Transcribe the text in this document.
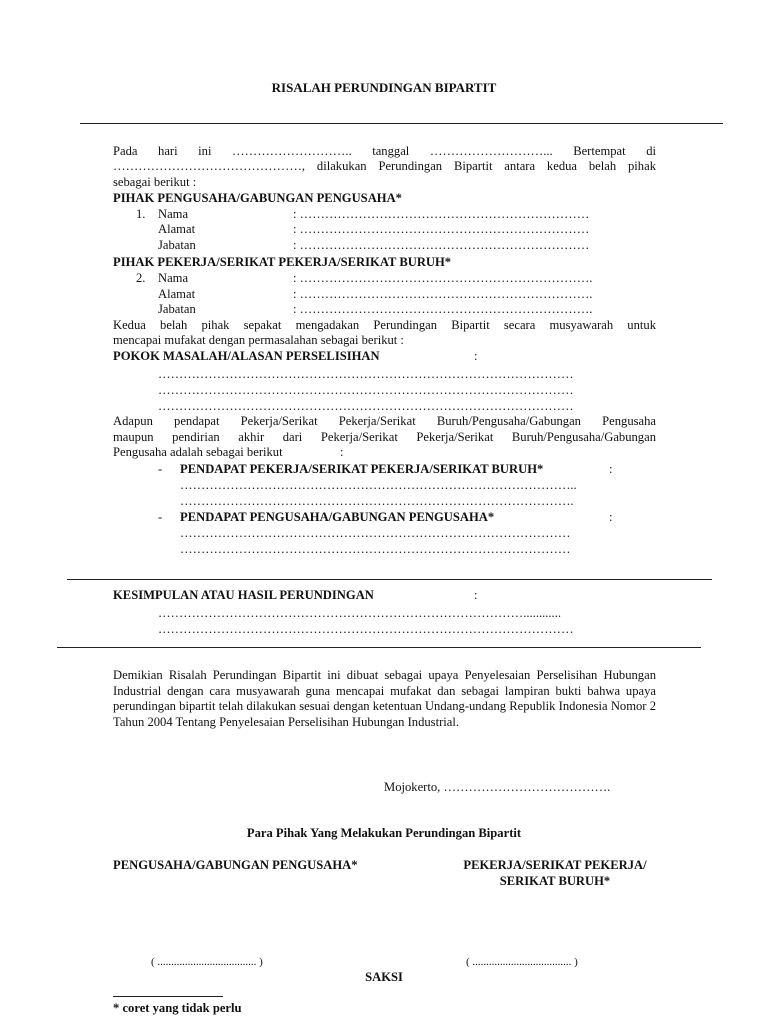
RISALAH PERUNDINGAN BIPARTIT
Pada hari ini ……………………….. tanggal ………………………... Bertempat di
………………………………………, dilakukan Perundingan Bipartit antara kedua belah pihak
sebagai berikut :
PIHAK PENGUSAHA/GABUNGAN PENGUSAHA*
1. Nama	: ……………………………………………………………
Alamat	: ……………………………………………………………
Jabatan	: ……………………………………………………………
PIHAK PEKERJA/SERIKAT PEKERJA/SERIKAT BURUH*
2. Nama	: …………………………………………………………….
Alamat	: …………………………………………………………….
Jabatan	: …………………………………………………………….
Kedua belah pihak sepakat mengadakan Perundingan Bipartit secara musyawarah untuk
mencapai mufakat dengan permasalahan sebagai berikut :
POKOK MASALAH/ALASAN PERSELISIHAN	:
………………………………………………………………………………………
………………………………………………………………………………………
………………………………………………………………………………………
Adapun pendapat Pekerja/Serikat Pekerja/Serikat Buruh/Pengusaha/Gabungan Pengusaha
maupun pendirian akhir dari Pekerja/Serikat Pekerja/Serikat Buruh/Pengusaha/Gabungan
Pengusaha adalah sebagai berikut	:
- PENDAPAT PEKERJA/SERIKAT PEKERJA/SERIKAT BURUH*	:
…………………………………………………………………………………..
………………………………………………………………………………….
- PENDAPAT PENGUSAHA/GABUNGAN PENGUSAHA*	:
…………………………………………………………………………………
…………………………………………………………………………………
KESIMPULAN ATAU HASIL PERUNDINGAN	:
……………………………………………………………………………............
………………………………………………………………………………………
Demikian Risalah Perundingan Bipartit ini dibuat sebagai upaya Penyelesaian Perselisihan Hubungan Industrial dengan cara musyawarah guna mencapai mufakat dan sebagai lampiran bukti bahwa upaya perundingan bipartit telah dilakukan sesuai dengan ketentuan Undang-undang Republik Indonesia Nomor 2 Tahun 2004 Tentang Penyelesaian Perselisihan Hubungan Industrial.
Mojokerto, ………………………………….
Para Pihak Yang Melakukan Perundingan Bipartit
PENGUSAHA/GABUNGAN PENGUSAHA*	PEKERJA/SERIKAT PEKERJA/
SERIKAT BURUH*
( .................................... )	( .................................... )
SAKSI
* coret yang tidak perlu
